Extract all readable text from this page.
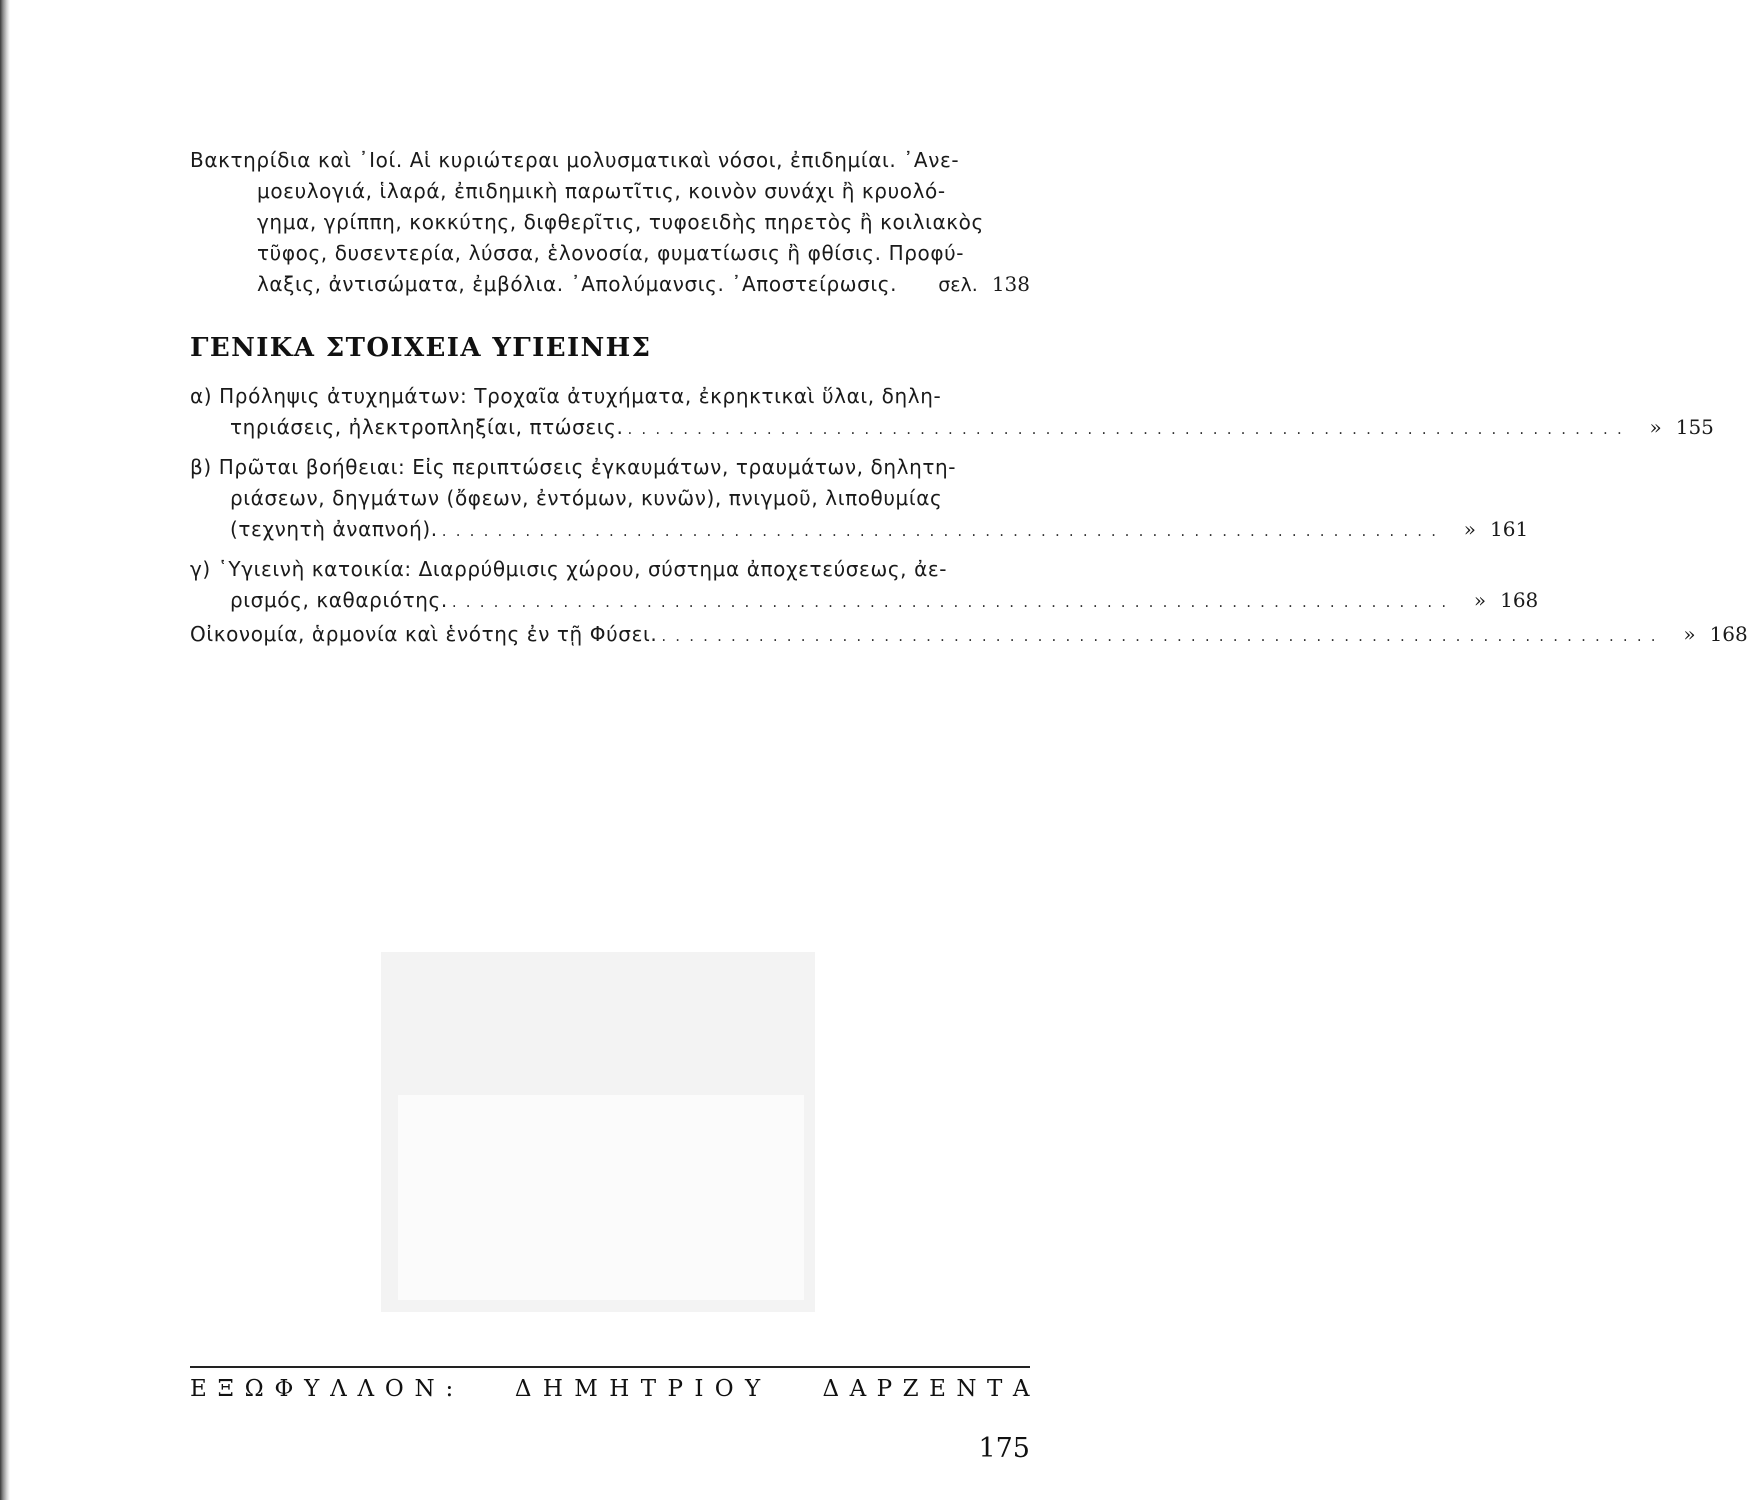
Βακτηρίδια καὶ ᾿Ιοί. Αἱ κυριώτεραι μολυσματικαὶ νόσοι, ἐπιδημίαι. ᾿Ανε-
μοευλογιά, ἱλαρά, ἐπιδημικὴ παρωτῖτις, κοινὸν συνάχι ἢ κρυολό-
γημα, γρίππη, κοκκύτης, διφθερῖτις, τυφοειδὴς πηρετὸς ἢ κοιλιακὸς
τῦφος, δυσεντερία, λύσσα, ἑλονοσία, φυματίωσις ἢ φθίσις. Προφύ-
λαξις, ἀντισώματα, ἐμβόλια. ᾿Απολύμανσις. ᾿Αποστείρωσις. σελ. 138
ΓΕΝΙΚΑ ΣΤΟΙΧΕΙΑ ΥΓΙΕΙΝΗΣ
α) Πρόληψις ἀτυχημάτων: Τροχαῖα ἀτυχήματα, ἐκρηκτικαὶ ὕλαι, δηλη-
τηριάσεις, ἠλεκτροπληξίαι, πτώσεις. . . . . . . . . . . . . . . . . . . . . . . . . . . . . . . . . . . . . . . . . . . . . . . . . . . . . . . . . . . . . . . . . . . . . . . . .	» 155
β) Πρῶται βοήθειαι: Εἰς περιπτώσεις ἐγκαυμάτων, τραυμάτων, δηλητη-
ριάσεων, δηγμάτων (ὄφεων, ἐντόμων, κυνῶν), πνιγμοῦ, λιποθυμίας
(τεχνητὴ ἀναπνοή). . . . . . . . . . . . . . . . . . . . . . . . . . . . . . . . . . . . . . . . . . . . . . . . . . . . . . . . . . . . . . . . . . . . . . . . .	» 161
γ) ῾Υγιεινὴ κατοικία: Διαρρύθμισις χώρου, σύστημα ἀποχετεύσεως, ἀε-
ρισμός, καθαριότης. . . . . . . . . . . . . . . . . . . . . . . . . . . . . . . . . . . . . . . . . . . . . . . . . . . . . . . . . . . . . . . . . . . . . . . . .	» 168
Οἰκονομία, ἁρμονία καὶ ἑνότης ἐν τῇ Φύσει. . . . . . . . . . . . . . . . . . . . . . . . . . . . . . . . . . . . . . . . . . . . . . . . . . . . . . . . . . . . . . . . . . . . . . . . .	» 168
ΕΞΩΦΥΛΛΟΝ: ΔΗΜΗΤΡΙΟΥ ΔΑΡΖΕΝΤΑ
175
